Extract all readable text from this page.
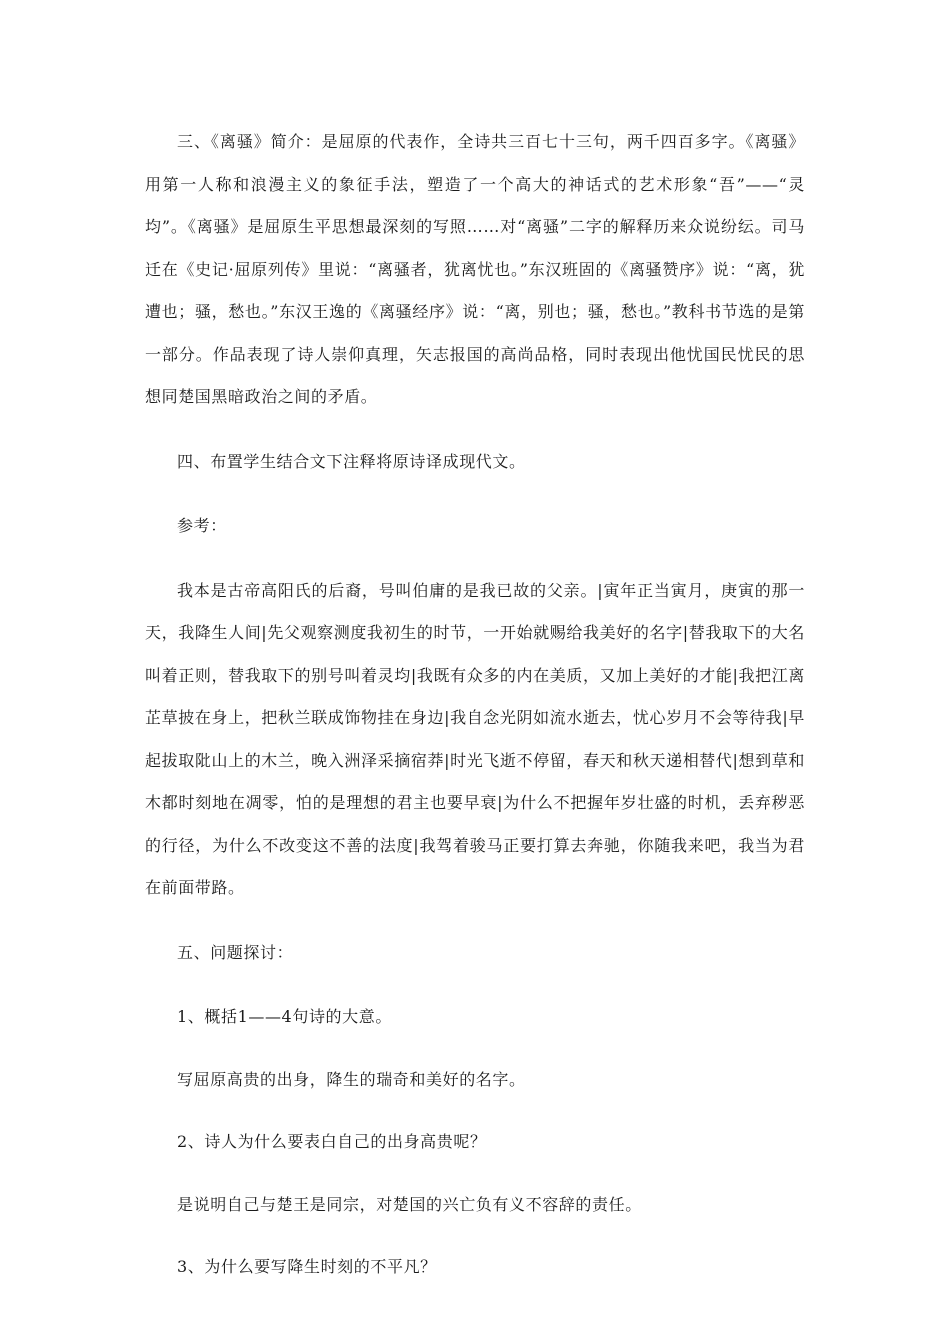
三、《离骚》简介：是屈原的代表作，全诗共三百七十三句，两千四百多字。《离骚》用第一人称和浪漫主义的象征手法，塑造了一个高大的神话式的艺术形象“吾”——“灵均”。《离骚》是屈原生平思想最深刻的写照……对“离骚”二字的解释历来众说纷纭。司马迁在《史记·屈原列传》里说：“离骚者，犹离忧也。”东汉班固的《离骚赞序》说：“离，犹遭也；骚，愁也。”东汉王逸的《离骚经序》说：“离，别也；骚，愁也。”教科书节选的是第一部分。作品表现了诗人崇仰真理，矢志报国的高尚品格，同时表现出他忧国民忧民的思想同楚国黑暗政治之间的矛盾。

四、布置学生结合文下注释将原诗译成现代文。

参考：

我本是古帝高阳氏的后裔，号叫伯庸的是我已故的父亲。|寅年正当寅月，庚寅的那一天，我降生人间|先父观察测度我初生的时节，一开始就赐给我美好的名字|替我取下的大名叫着正则，替我取下的别号叫着灵均|我既有众多的内在美质，又加上美好的才能|我把江离芷草披在身上，把秋兰联成饰物挂在身边|我自念光阴如流水逝去，忧心岁月不会等待我|早起拔取阰山上的木兰，晚入洲泽采摘宿莽|时光飞逝不停留，春天和秋天递相替代|想到草和木都时刻地在凋零，怕的是理想的君主也要早衰|为什么不把握年岁壮盛的时机，丢弃秽恶的行径，为什么不改变这不善的法度|我驾着骏马正要打算去奔驰，你随我来吧，我当为君在前面带路。

五、问题探讨：

1、概括1——4句诗的大意。

写屈原高贵的出身，降生的瑞奇和美好的名字。

2、诗人为什么要表白自己的出身高贵呢？

是说明自己与楚王是同宗，对楚国的兴亡负有义不容辞的责任。

3、为什么要写降生时刻的不平凡？
